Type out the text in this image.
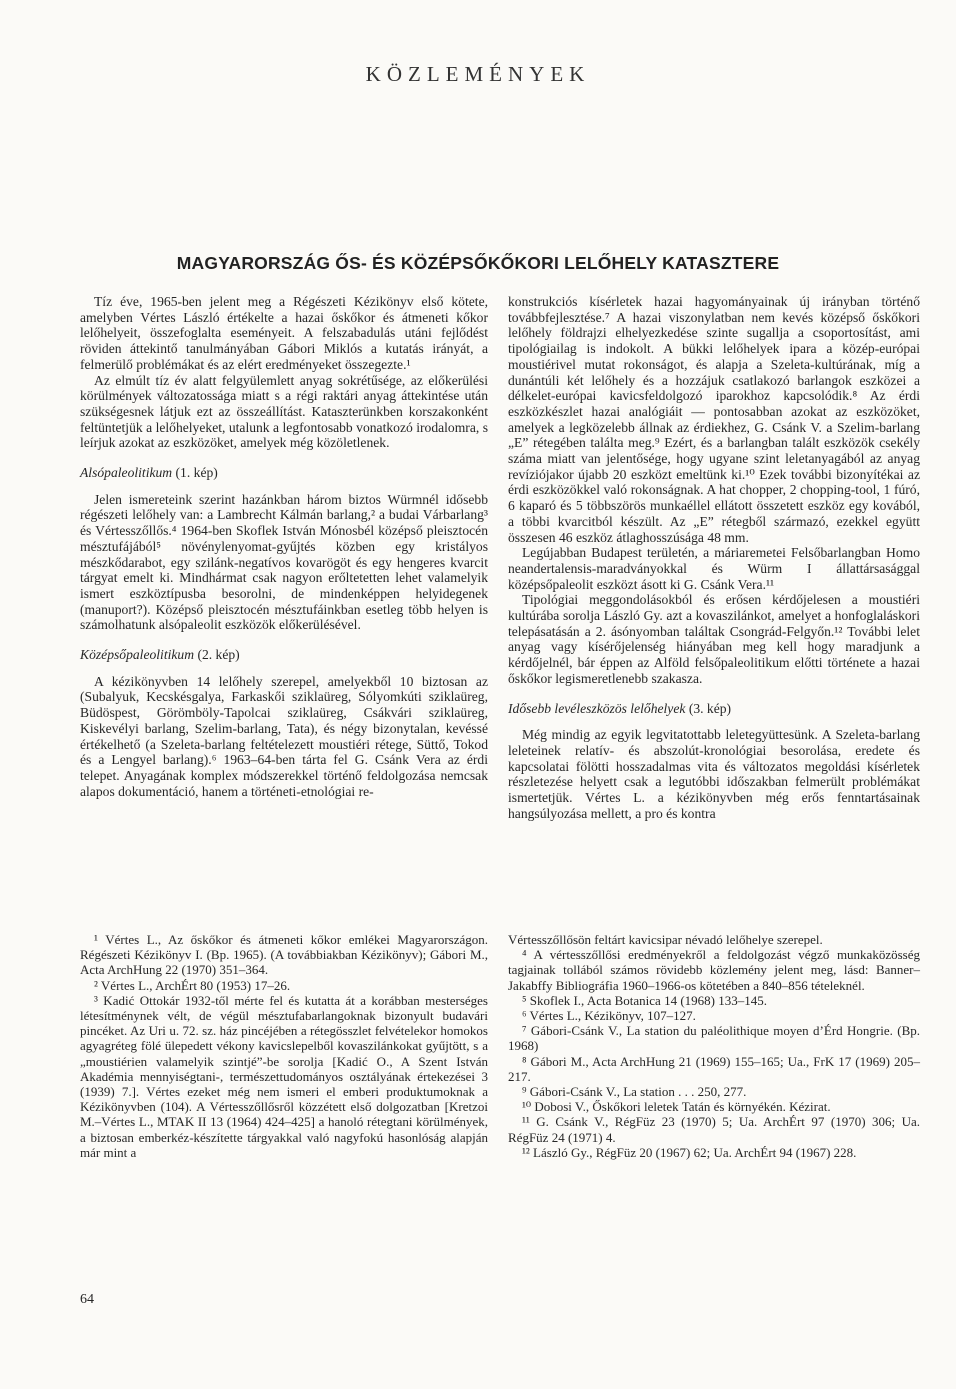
KÖZLEMÉNYEK
MAGYARORSZÁG ŐS- ÉS KÖZÉPSŐKŐKORI LELŐHELY KATASZTERE

Tíz éve, 1965-ben jelent meg a Régészeti Kézikönyv első kötete, amelyben Vértes László értékelte a hazai őskőkor és átmeneti kőkor lelőhelyeit, összefoglalta eseményeit. A felszabadulás utáni fejlődést röviden áttekintő tanulmányában Gábori Miklós a kutatás irányát, a felmerülő problémákat és az elért eredményeket összegezte.¹

Az elmúlt tíz év alatt felgyülemlett anyag sokrétűsége, az előkerülési körülmények változatossága miatt s a régi raktári anyag áttekintése után szükségesnek látjuk ezt az összeállítást. Kataszterünkben korszakonként feltüntetjük a lelőhelyeket, utalunk a legfontosabb vonatkozó irodalomra, s leírjuk azokat az eszközöket, amelyek még közöletlenek.

Alsópaleolitikum (1. kép)

Jelen ismereteink szerint hazánkban három biztos Würmnél idősebb régészeti lelőhely van: a Lambrecht Kálmán barlang,² a budai Várbarlang³ és Vértesszőllős.⁴ 1964-ben Skoflek István Mónosbél középső pleisztocén mésztufájából⁵ növénylenyomat-gyűjtés közben egy kristályos mészkődarabot, egy szilánk-negatívos kovarögöt és egy hengeres kvarcit tárgyat emelt ki. Mindhármat csak nagyon erőltetetten lehet valamelyik ismert eszköztípusba besorolni, de mindenképpen helyidegenek (manuport?). Középső pleisztocén mésztufáinkban esetleg több helyen is számolhatunk alsópaleolit eszközök előkerülésével.

Középsőpaleolitikum (2. kép)

A kézikönyvben 14 lelőhely szerepel, amelyekből 10 biztosan az (Subalyuk, Kecskésgalya, Farkaskői sziklaüreg, Sólyomkúti sziklaüreg, Büdöspest, Görömböly-Tapolcai sziklaüreg, Csákvári sziklaüreg, Kiskevélyi barlang, Szelim-barlang, Tata), és négy bizonytalan, kevéssé értékelhető (a Szeleta-barlang feltételezett moustiéri rétege, Süttő, Tokod és a Lengyel barlang).⁶ 1963–64-ben tárta fel G. Csánk Vera az érdi telepet. Anyagának komplex módszerekkel történő feldolgozása nemcsak alapos dokumentáció, hanem a történeti-etnológiai re-

konstrukciós kísérletek hazai hagyományainak új irányban történő továbbfejlesztése.⁷ A hazai viszonylatban nem kevés középső őskőkori lelőhely földrajzi elhelyezkedése szinte sugallja a csoportosítást, ami tipológiailag is indokolt. A bükki lelőhelyek ipara a közép-európai moustiérivel mutat rokonságot, és alapja a Szeleta-kultúrának, míg a dunántúli két lelőhely és a hozzájuk csatlakozó barlangok eszközei a délkelet-európai kavicsfeldolgozó iparokhoz kapcsolódik.⁸ Az érdi eszközkészlet hazai analógiáit — pontosabban azokat az eszközöket, amelyek a legközelebb állnak az érdiekhez, G. Csánk V. a Szelim-barlang „E” rétegében találta meg.⁹ Ezért, és a barlangban talált eszközök csekély száma miatt van jelentősége, hogy ugyane szint leletanyagából az anyag revíziójakor újabb 20 eszközt emeltünk ki.¹⁰ Ezek további bizonyítékai az érdi eszközökkel való rokonságnak. A hat chopper, 2 chopping-tool, 1 fúró, 6 kaparó és 5 többszörös munkaéllel ellátott összetett eszköz egy kovából, a többi kvarcitból készült. Az „E” rétegből származó, ezekkel együtt összesen 46 eszköz átlaghosszúsága 48 mm.

Legújabban Budapest területén, a máriaremetei Felsőbarlangban Homo neandertalensis-maradványokkal és Würm I állattársasággal középsőpaleolit eszközt ásott ki G. Csánk Vera.¹¹

Tipológiai meggondolásokból és erősen kérdőjelesen a moustiéri kultúrába sorolja László Gy. azt a kovaszilánkot, amelyet a honfoglaláskori telepásatásán a 2. ásónyomban találtak Csongrád-Felgyőn.¹² További lelet anyag vagy kísérőjelenség hiányában meg kell hogy maradjunk a kérdőjelnél, bár éppen az Alföld felsőpaleolitikum előtti története a hazai őskőkor legismeretlenebb szakasza.

Idősebb levéleszközös lelőhelyek (3. kép)

Még mindig az egyik legvitatottabb leletegyüttesünk. A Szeleta-barlang leleteinek relatív- és abszolút-kronológiai besorolása, eredete és kapcsolatai fölötti hosszadalmas vita és változatos megoldási kísérletek részletezése helyett csak a legutóbbi időszakban felmerült problémákat ismertetjük. Vértes L. a kézikönyvben még erős fenntartásainak hangsúlyozása mellett, a pro és kontra

¹ Vértes L., Az őskőkor és átmeneti kőkor emlékei Magyarországon. Régészeti Kézikönyv I. (Bp. 1965). (A továbbiakban Kézikönyv); Gábori M., Acta ArchHung 22 (1970) 351–364.

² Vértes L., ArchÉrt 80 (1953) 17–26.

³ Kadić Ottokár 1932-től mérte fel és kutatta át a korábban mesterséges létesítménynek vélt, de végül mésztufabarlangoknak bizonyult budavári pincéket. Az Uri u. 72. sz. ház pincéjében a rétegösszlet felvételekor homokos agyagréteg fölé ülepedett vékony kavicslepelből kovaszilánkokat gyűjtött, s a „moustiérien valamelyik szintjé”-be sorolja [Kadić O., A Szent István Akadémia mennyiségtani-, természettudományos osztályának értekezései 3 (1939) 7.]. Vértes ezeket még nem ismeri el emberi produktumoknak a Kézikönyvben (104). A Vértesszőllősről közzétett első dolgozatban [Kretzoi M.–Vértes L., MTAK II 13 (1964) 424–425] a hanoló rétegtani körülmények, a biztosan emberkéz-készítette tárgyakkal való nagyfokú hasonlóság alapján már mint a

Vértesszőllősön feltárt kavicsipar névadó lelőhelye szerepel.

⁴ A vértesszőllősi eredményekről a feldolgozást végző munkaközösség tagjainak tollából számos rövidebb közlemény jelent meg, lásd: Banner–Jakabffy Bibliográfia 1960–1966-os kötetében a 840–856 tételeknél.

⁵ Skoflek I., Acta Botanica 14 (1968) 133–145.

⁶ Vértes L., Kézikönyv, 107–127.

⁷ Gábori-Csánk V., La station du paléolithique moyen d’Érd Hongrie. (Bp. 1968)

⁸ Gábori M., Acta ArchHung 21 (1969) 155–165; Ua., FrK 17 (1969) 205–217.

⁹ Gábori-Csánk V., La station . . . 250, 277.

¹⁰ Dobosi V., Őskőkori leletek Tatán és környékén. Kézirat.

¹¹ G. Csánk V., RégFüz 23 (1970) 5; Ua. ArchÉrt 97 (1970) 306; Ua. RégFüz 24 (1971) 4.

¹² László Gy., RégFüz 20 (1967) 62; Ua. ArchÉrt 94 (1967) 228.

64
